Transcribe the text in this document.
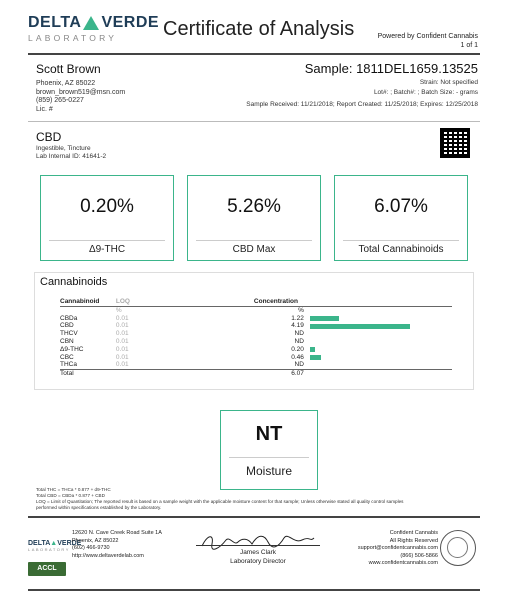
DELTA VERDE
LABORATORY	Certificate of Analysis	Powered by Confident Cannabis
1 of 1
Scott Brown
Phoenix, AZ 85022
brown_brown519@msn.com
(859) 265-0227
Lic. #
Sample: 1811DEL1659.13525
Strain: Not specified
Lot#: ; Batch#: ; Batch Size: - grams
Sample Received: 11/21/2018; Report Created: 11/25/2018; Expires: 12/25/2018
CBD
Ingestible, Tincture
Lab Internal ID: 41641-2
0.20%
Δ9-THC
5.26%
CBD Max
6.07%
Total Cannabinoids
Cannabinoids
Cannabinoid	LOQ		Concentration	
	%		%	
CBDa	0.01		1.22	

CBD	0.01		4.19	

THCV	0.01		ND	
CBN	0.01		ND	
Δ9-THC	0.01		0.20	

CBC	0.01		0.46	

THCa	0.01		ND	
Total			6.07	
NT
Moisture
Total THC = THCa * 0.877 + d9-THC
Total CBD = CBDa * 0.877 + CBD
LOQ = Limit of Quantitation; The reported result is based on a sample weight with the applicable moisture content for that sample; Unless otherwise stated all quality control samples
performed within specifications established by the Laboratory.
DELTA▲VERDE
LABORATORY
ACCL
12620 N. Cave Creek Road Suite 1A
Phoenix, AZ 85022
(602) 466-9730
http://www.deltaverdelab.com	James Clark
Laboratory Director
Confident Cannabis
All Rights Reserved
support@confidentcannabis.com
(866) 506-5866
www.confidentcannabis.com
